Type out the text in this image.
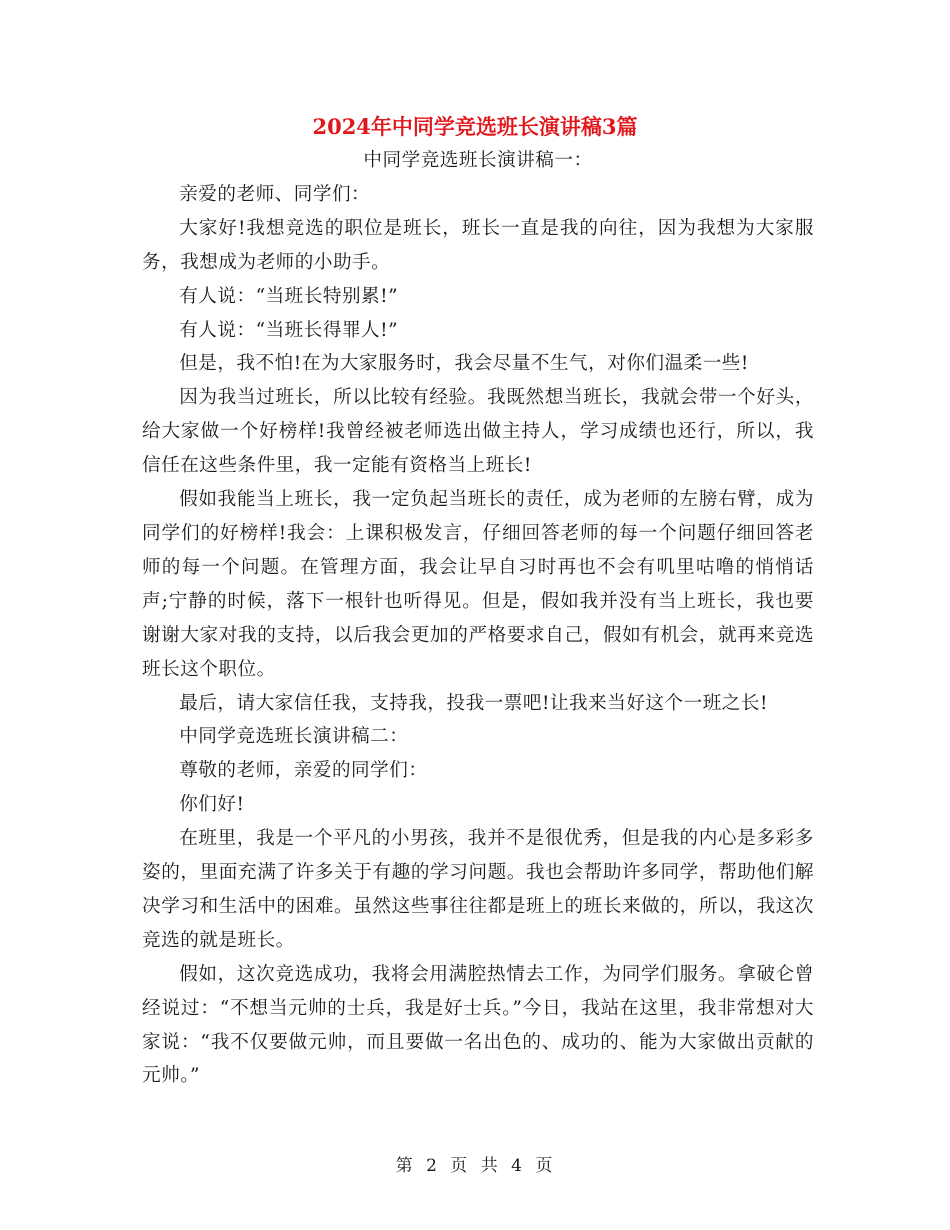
2024年中同学竞选班长演讲稿3篇

中同学竞选班长演讲稿一：

亲爱的老师、同学们：

大家好!我想竞选的职位是班长，班长一直是我的向往，因为我想为大家服务，我想成为老师的小助手。

有人说：“当班长特别累!”

有人说：“当班长得罪人!”

但是，我不怕!在为大家服务时，我会尽量不生气，对你们温柔一些!

因为我当过班长，所以比较有经验。我既然想当班长，我就会带一个好头，给大家做一个好榜样!我曾经被老师选出做主持人，学习成绩也还行，所以，我信任在这些条件里，我一定能有资格当上班长!

假如我能当上班长，我一定负起当班长的责任，成为老师的左膀右臂，成为同学们的好榜样!我会：上课积极发言，仔细回答老师的每一个问题仔细回答老师的每一个问题。在管理方面，我会让早自习时再也不会有叽里咕噜的悄悄话声;宁静的时候，落下一根针也听得见。但是，假如我并没有当上班长，我也要谢谢大家对我的支持，以后我会更加的严格要求自己，假如有机会，就再来竞选班长这个职位。

最后，请大家信任我，支持我，投我一票吧!让我来当好这个一班之长!

中同学竞选班长演讲稿二：

尊敬的老师，亲爱的同学们：

你们好!

在班里，我是一个平凡的小男孩，我并不是很优秀，但是我的内心是多彩多姿的，里面充满了许多关于有趣的学习问题。我也会帮助许多同学，帮助他们解决学习和生活中的困难。虽然这些事往往都是班上的班长来做的，所以，我这次竞选的就是班长。

假如，这次竞选成功，我将会用满腔热情去工作，为同学们服务。拿破仑曾经说过：“不想当元帅的士兵，我是好士兵。”今日，我站在这里，我非常想对大家说：“我不仅要做元帅，而且要做一名出色的、成功的、能为大家做出贡献的元帅。”

第 2 页 共 4 页
